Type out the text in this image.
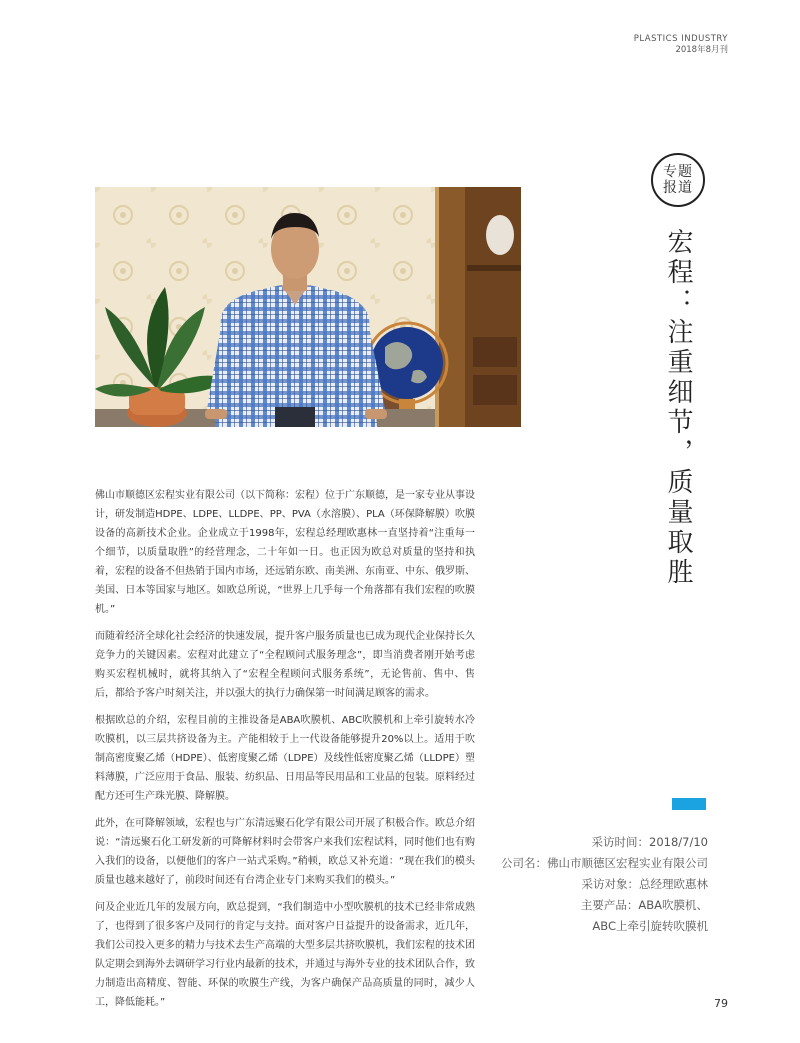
PLASTICS INDUSTRY
2018年8月刊
专题报道
宏程：注重细节，质量取胜

佛山市顺德区宏程实业有限公司（以下简称：宏程）位于广东顺德，是一家专业从事设计，研发制造HDPE、LDPE、LLDPE、PP、PVA（水溶膜）、PLA（环保降解膜）吹膜设备的高新技术企业。企业成立于1998年，宏程总经理欧惠林一直坚持着“注重每一个细节，以质量取胜”的经营理念，二十年如一日。也正因为欧总对质量的坚持和执着，宏程的设备不但热销于国内市场，还远销东欧、南美洲、东南亚、中东、俄罗斯、美国、日本等国家与地区。如欧总所说，“世界上几乎每一个角落都有我们宏程的吹膜机。”

而随着经济全球化社会经济的快速发展，提升客户服务质量也已成为现代企业保持长久竞争力的关键因素。宏程对此建立了“全程顾问式服务理念”，即当消费者刚开始考虑购买宏程机械时，就将其纳入了“宏程全程顾问式服务系统”，无论售前、售中、售后，都给予客户时刻关注，并以强大的执行力确保第一时间满足顾客的需求。

根据欧总的介绍，宏程目前的主推设备是ABA吹膜机、ABC吹膜机和上牵引旋转水冷吹膜机，以三层共挤设备为主。产能相较于上一代设备能够提升20%以上。适用于吹制高密度聚乙烯（HDPE）、低密度聚乙烯（LDPE）及线性低密度聚乙烯（LLDPE）塑料薄膜，广泛应用于食品、服装、纺织品、日用品等民用品和工业品的包装。原料经过配方还可生产珠光膜、降解膜。

此外，在可降解领域，宏程也与广东清远聚石化学有限公司开展了积极合作。欧总介绍说：“清远聚石化工研发新的可降解材料时会带客户来我们宏程试料，同时他们也有购入我们的设备，以便他们的客户一站式采购。”稍顿，欧总又补充道：“现在我们的模头质量也越来越好了，前段时间还有台湾企业专门来购买我们的模头。”

问及企业近几年的发展方向，欧总提到，“我们制造中小型吹膜机的技术已经非常成熟了，也得到了很多客户及同行的肯定与支持。面对客户日益提升的设备需求，近几年，我们公司投入更多的精力与技术去生产高端的大型多层共挤吹膜机，我们宏程的技术团队定期会到海外去调研学习行业内最新的技术，并通过与海外专业的技术团队合作，致力制造出高精度、智能、环保的吹膜生产线，为客户确保产品高质量的同时，减少人工，降低能耗。”

采访时间：2018/7/10
公司名：佛山市顺德区宏程实业有限公司
采访对象：总经理欧惠林
主要产品：ABA吹膜机、
ABC上牵引旋转吹膜机
79
